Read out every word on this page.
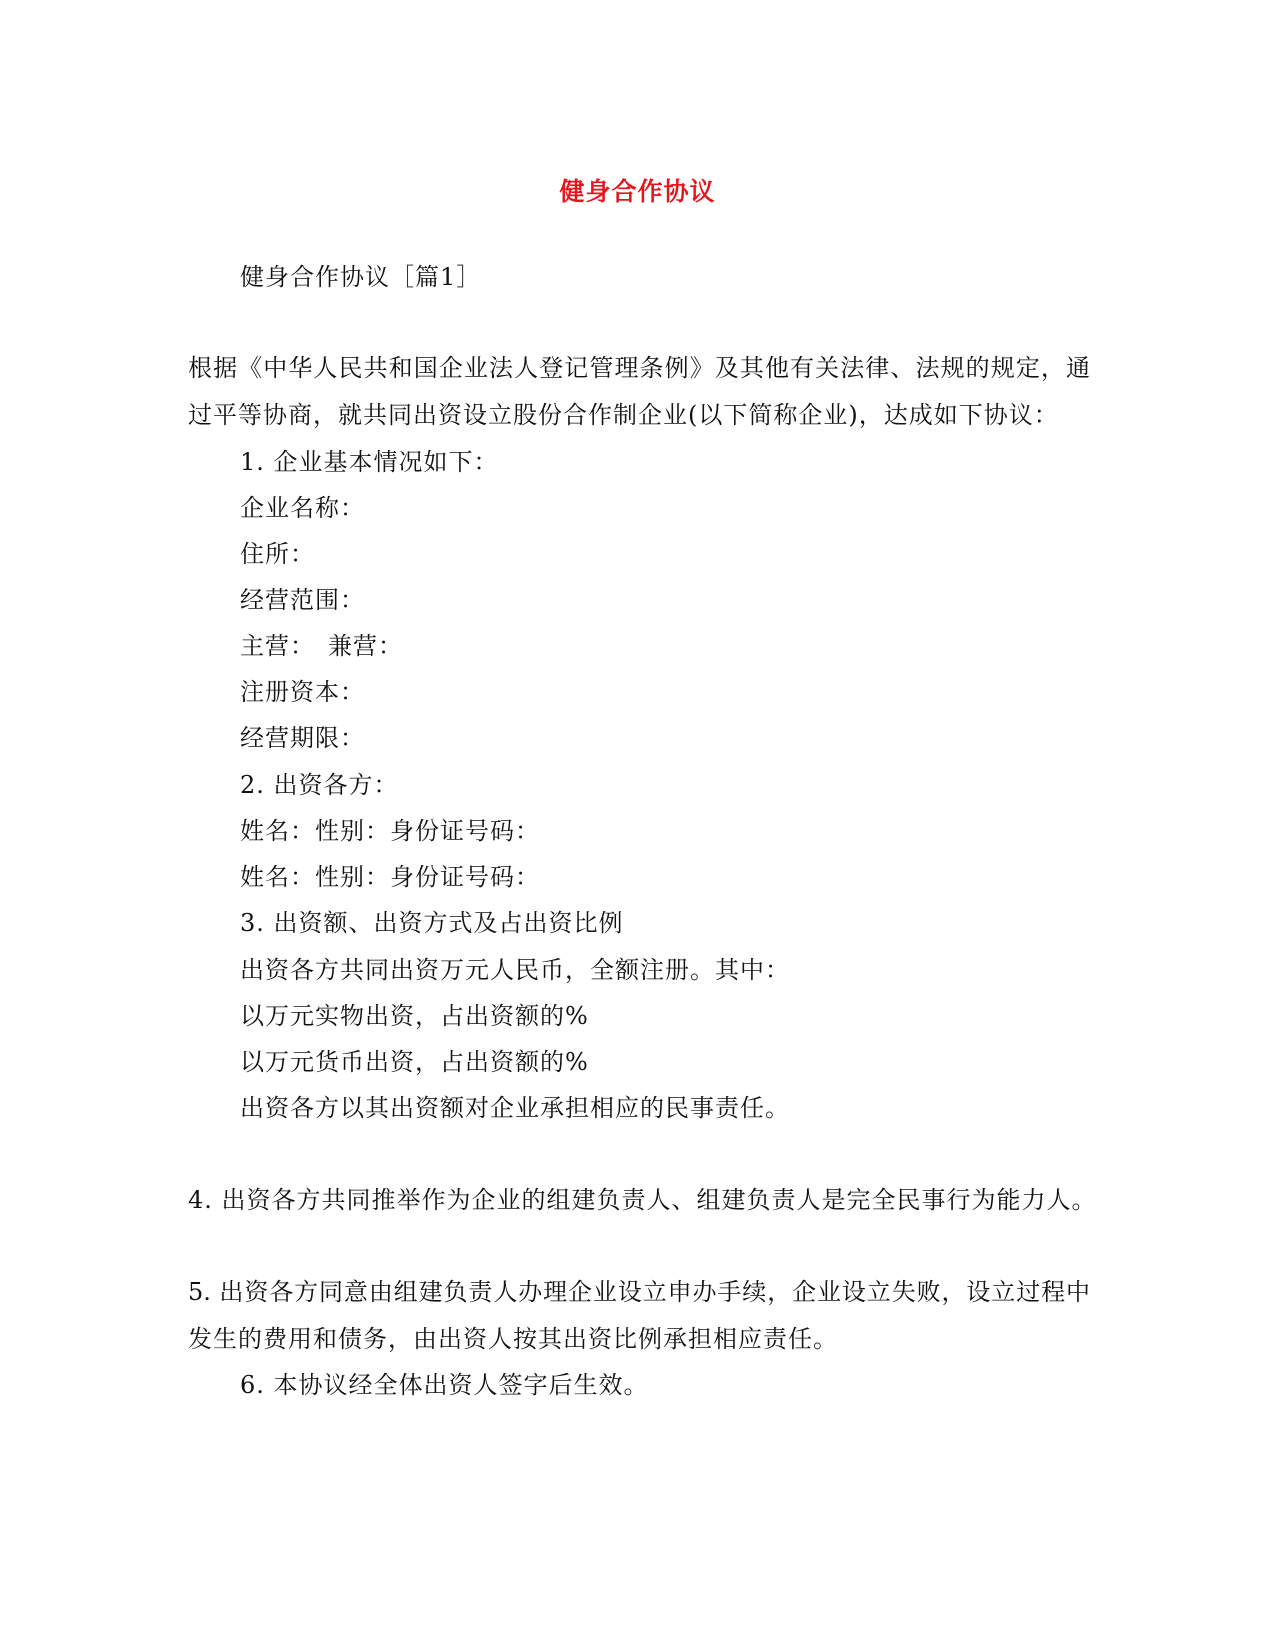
健身合作协议
健身合作协议［篇1］
根据《中华人民共和国企业法人登记管理条例》及其他有关法律、法规的规定，通
过平等协商，就共同出资设立股份合作制企业(以下简称企业)，达成如下协议：
1. 企业基本情况如下：
企业名称：
住所：
经营范围：
主营：　兼营：
注册资本：
经营期限：
2. 出资各方：
姓名：性别：身份证号码：
姓名：性别：身份证号码：
3. 出资额、出资方式及占出资比例
出资各方共同出资万元人民币，全额注册。其中：
以万元实物出资，占出资额的%
以万元货币出资，占出资额的%
出资各方以其出资额对企业承担相应的民事责任。
4. 出资各方共同推举作为企业的组建负责人、组建负责人是完全民事行为能力人。
5. 出资各方同意由组建负责人办理企业设立申办手续，企业设立失败，设立过程中
发生的费用和债务，由出资人按其出资比例承担相应责任。
6. 本协议经全体出资人签字后生效。
